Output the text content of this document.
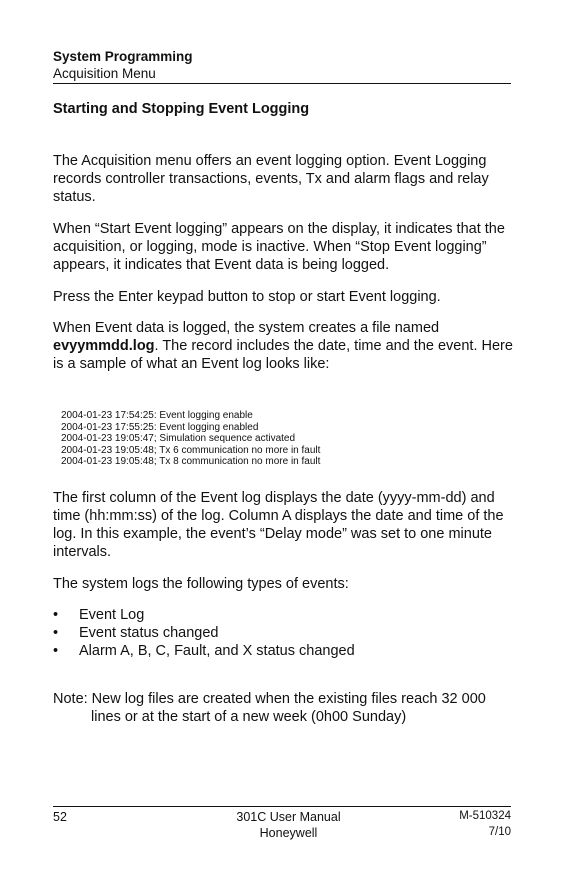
System Programming
Acquisition Menu
Starting and Stopping Event Logging

The Acquisition menu offers an event logging option. Event Logging records controller transactions, events, Tx and alarm flags and relay status.

When “Start Event logging” appears on the display, it indicates that the acquisition, or logging, mode is inactive. When “Stop Event logging” appears, it indicates that Event data is being logged.

Press the Enter keypad button to stop or start Event logging.

When Event data is logged, the system creates a file named evyymmdd.log. The record includes the date, time and the event. Here is a sample of what an Event log looks like:

2004-01-23 17:54:25: Event logging enable
2004-01-23 17:55:25: Event logging enabled
2004-01-23 19:05:47; Simulation sequence activated
2004-01-23 19:05:48; Tx 6 communication no more in fault
2004-01-23 19:05:48; Tx 8 communication no more in fault

The first column of the Event log displays the date (yyyy-mm-dd) and time (hh:mm:ss) of the log. Column A displays the date and time of the log. In this example, the event’s “Delay mode” was set to one minute intervals.

The system logs the following types of events:

• Event Log
• Event status changed
• Alarm A, B, C, Fault, and X status changed
Note: New log files are created when the existing files reach 32 000
lines or at the start of a new week (0h00 Sunday)
52	301C User Manual
Honeywell
M-510324
7/10
